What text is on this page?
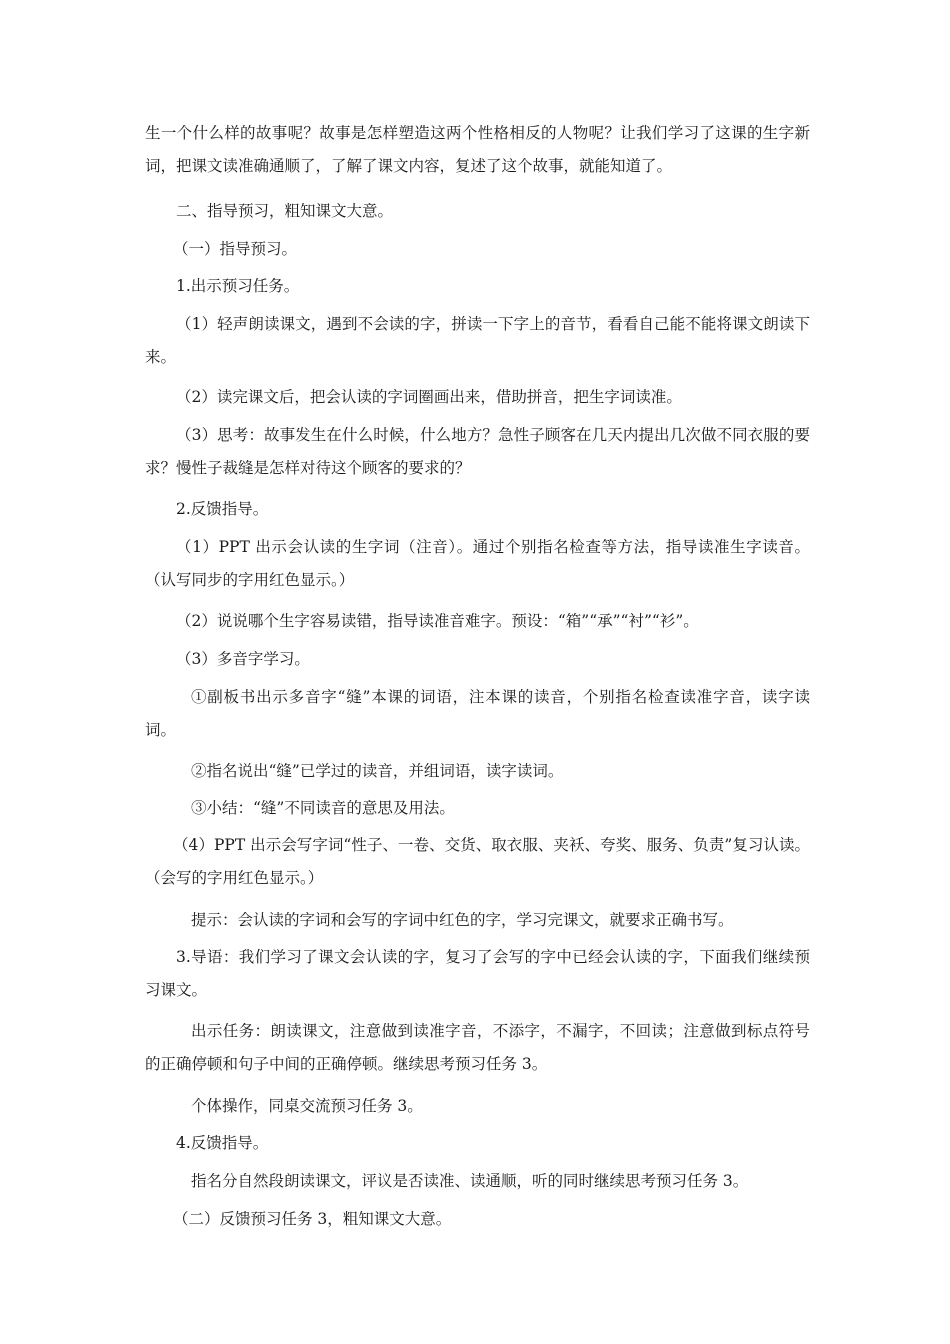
生一个什么样的故事呢？故事是怎样塑造这两个性格相反的人物呢？让我们学习了这课的生字新词，把课文读准确通顺了，了解了课文内容，复述了这个故事，就能知道了。

二、指导预习，粗知课文大意。

（一）指导预习。

1.出示预习任务。

（1）轻声朗读课文，遇到不会读的字，拼读一下字上的音节，看看自己能不能将课文朗读下来。

（2）读完课文后，把会认读的字词圈画出来，借助拼音，把生字词读准。

（3）思考：故事发生在什么时候，什么地方？急性子顾客在几天内提出几次做不同衣服的要求？慢性子裁缝是怎样对待这个顾客的要求的？

2.反馈指导。

（1）PPT 出示会认读的生字词（注音）。通过个别指名检查等方法，指导读准生字读音。（认写同步的字用红色显示。）

（2）说说哪个生字容易读错，指导读准音难字。预设：“箱”“承”“衬”“衫”。

（3）多音字学习。

①副板书出示多音字“缝”本课的词语，注本课的读音，个别指名检查读准字音，读字读词。

②指名说出“缝”已学过的读音，并组词语，读字读词。

③小结：“缝”不同读音的意思及用法。

（4）PPT 出示会写字词“性子、一卷、交货、取衣服、夹袄、夸奖、服务、负责”复习认读。（会写的字用红色显示。）

提示：会认读的字词和会写的字词中红色的字，学习完课文，就要求正确书写。

3.导语：我们学习了课文会认读的字，复习了会写的字中已经会认读的字，下面我们继续预习课文。

出示任务：朗读课文，注意做到读准字音，不添字，不漏字，不回读；注意做到标点符号的正确停顿和句子中间的正确停顿。继续思考预习任务 3。

个体操作，同桌交流预习任务 3。

4.反馈指导。

指名分自然段朗读课文，评议是否读准、读通顺，听的同时继续思考预习任务 3。

（二）反馈预习任务 3，粗知课文大意。
